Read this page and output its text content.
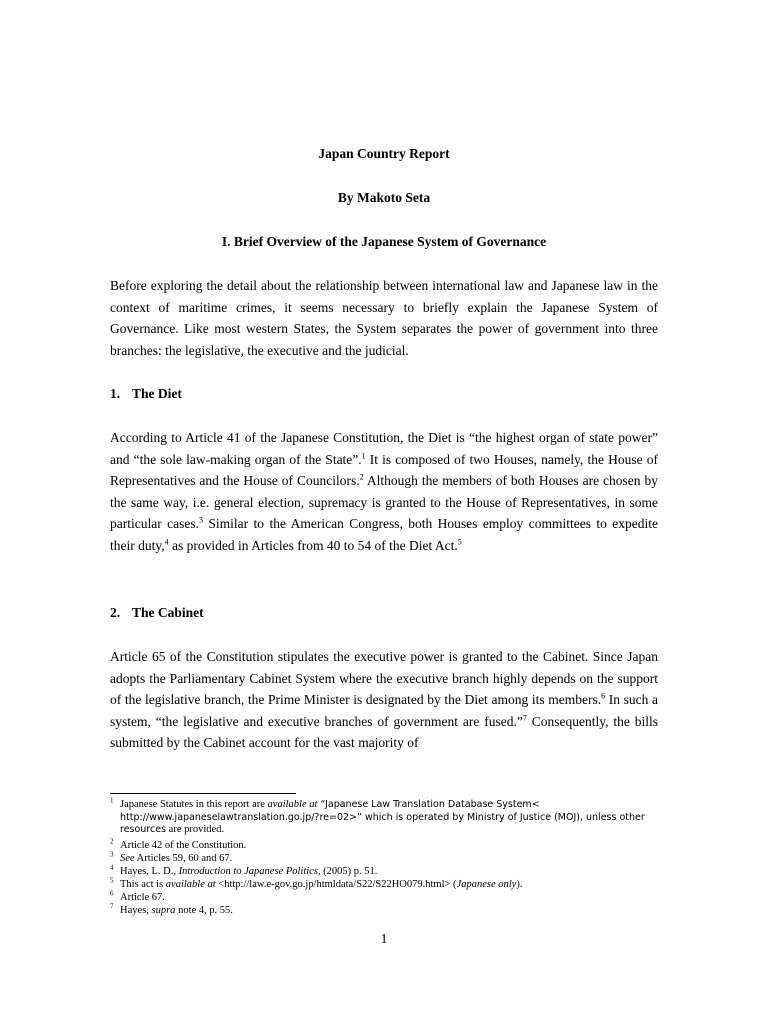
Japan Country Report
By Makoto Seta
I. Brief Overview of the Japanese System of Governance

Before exploring the detail about the relationship between international law and Japanese law in the context of maritime crimes, it seems necessary to briefly explain the Japanese System of Governance. Like most western States, the System separates the power of government into three branches: the legislative, the executive and the judicial.

1. The Diet

According to Article 41 of the Japanese Constitution, the Diet is “the highest organ of state power” and “the sole law-making organ of the State”.$^1$ It is composed of two Houses, namely, the House of Representatives and the House of Councilors.$^2$ Although the members of both Houses are chosen by the same way, i.e. general election, supremacy is granted to the House of Representatives, in some particular cases.$^3$ Similar to the American Congress, both Houses employ committees to expedite their duty,$^4$ as provided in Articles from 40 to 54 of the Diet Act.$^5$

2. The Cabinet

Article 65 of the Constitution stipulates the executive power is granted to the Cabinet. Since Japan adopts the Parliamentary Cabinet System where the executive branch highly depends on the support of the legislative branch, the Prime Minister is designated by the Diet among its members.$^6$ In such a system, “the legislative and executive branches of government are fused.”$^7$ Consequently, the bills submitted by the Cabinet account for the vast majority of

$^1$ Japanese Statutes in this report are available at “Japanese Law Translation Database System< http://www.japaneselawtranslation.go.jp/?re=02>” which is operated by Ministry of Justice (MOJ), unless other resources are provided.
$^2$ Article 42 of the Constitution.
$^3$ See Articles 59, 60 and 67.
$^4$ Hayes, L. D., Introduction to Japanese Politics, (2005) p. 51.
$^5$ This act is available at <http://law.e-gov.go.jp/htmldata/S22/S22HO079.html> (Japanese only).
$^6$ Article 67.
$^7$ Hayes, supra note 4, p. 55.
1
